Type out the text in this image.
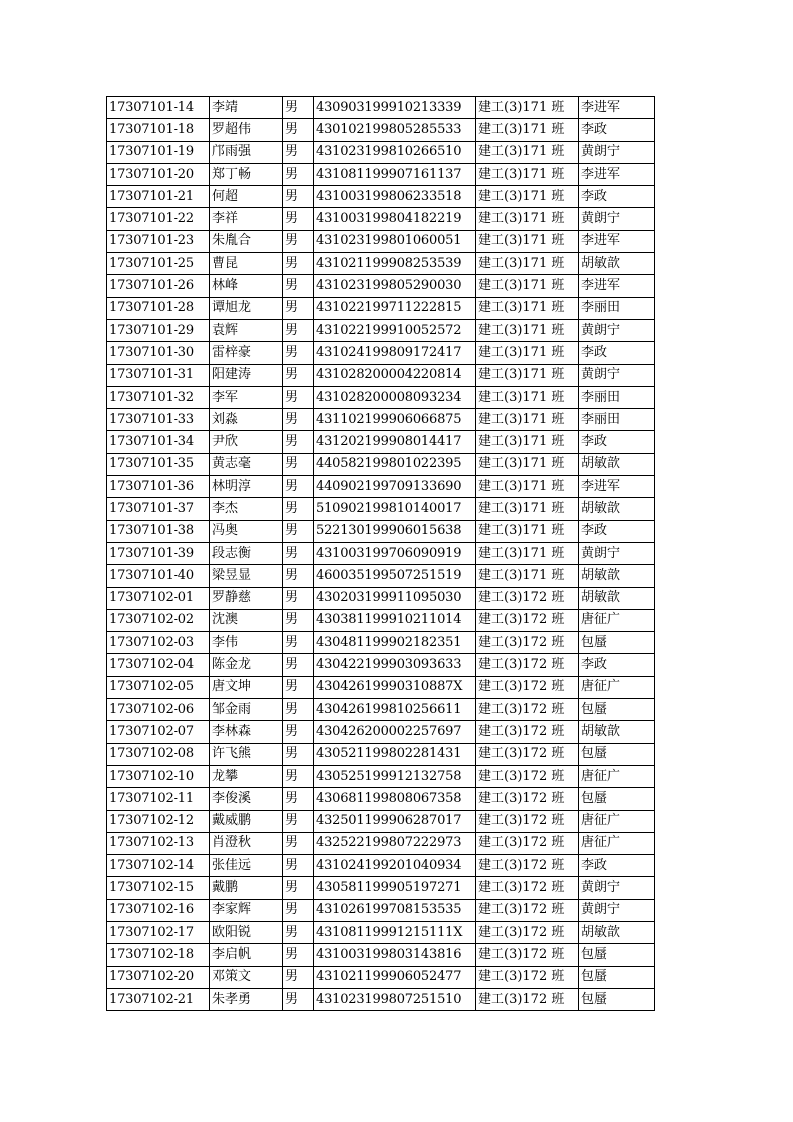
17307101-14	李靖	男	430903199910213339	建工(3)171 班	李进军
17307101-18	罗超伟	男	430102199805285533	建工(3)171 班	李政
17307101-19	邝雨强	男	431023199810266510	建工(3)171 班	黄朗宁
17307101-20	郑丁畅	男	431081199907161137	建工(3)171 班	李进军
17307101-21	何超	男	431003199806233518	建工(3)171 班	李政
17307101-22	李祥	男	431003199804182219	建工(3)171 班	黄朗宁
17307101-23	朱胤合	男	431023199801060051	建工(3)171 班	李进军
17307101-25	曹昆	男	431021199908253539	建工(3)171 班	胡敏歆
17307101-26	林峰	男	431023199805290030	建工(3)171 班	李进军
17307101-28	谭旭龙	男	431022199711222815	建工(3)171 班	李丽田
17307101-29	袁辉	男	431022199910052572	建工(3)171 班	黄朗宁
17307101-30	雷梓豪	男	431024199809172417	建工(3)171 班	李政
17307101-31	阳建涛	男	431028200004220814	建工(3)171 班	黄朗宁
17307101-32	李军	男	431028200008093234	建工(3)171 班	李丽田
17307101-33	刘淼	男	431102199906066875	建工(3)171 班	李丽田
17307101-34	尹欣	男	431202199908014417	建工(3)171 班	李政
17307101-35	黄志毫	男	440582199801022395	建工(3)171 班	胡敏歆
17307101-36	林明淳	男	440902199709133690	建工(3)171 班	李进军
17307101-37	李杰	男	510902199810140017	建工(3)171 班	胡敏歆
17307101-38	冯奥	男	522130199906015638	建工(3)171 班	李政
17307101-39	段志衡	男	431003199706090919	建工(3)171 班	黄朗宁
17307101-40	梁昱显	男	460035199507251519	建工(3)171 班	胡敏歆
17307102-01	罗静慈	男	430203199911095030	建工(3)172 班	胡敏歆
17307102-02	沈澳	男	430381199910211014	建工(3)172 班	唐征广
17307102-03	李伟	男	430481199902182351	建工(3)172 班	包蜃
17307102-04	陈金龙	男	430422199903093633	建工(3)172 班	李政
17307102-05	唐文坤	男	43042619990310887X	建工(3)172 班	唐征广
17307102-06	邹金雨	男	430426199810256611	建工(3)172 班	包蜃
17307102-07	李林森	男	430426200002257697	建工(3)172 班	胡敏歆
17307102-08	许飞熊	男	430521199802281431	建工(3)172 班	包蜃
17307102-10	龙攀	男	430525199912132758	建工(3)172 班	唐征广
17307102-11	李俊溪	男	430681199808067358	建工(3)172 班	包蜃
17307102-12	戴威鹏	男	432501199906287017	建工(3)172 班	唐征广
17307102-13	肖澄秋	男	432522199807222973	建工(3)172 班	唐征广
17307102-14	张佳远	男	431024199201040934	建工(3)172 班	李政
17307102-15	戴鹏	男	430581199905197271	建工(3)172 班	黄朗宁
17307102-16	李家辉	男	431026199708153535	建工(3)172 班	黄朗宁
17307102-17	欧阳锐	男	43108119991215111X	建工(3)172 班	胡敏歆
17307102-18	李启帆	男	431003199803143816	建工(3)172 班	包蜃
17307102-20	邓策文	男	431021199906052477	建工(3)172 班	包蜃
17307102-21	朱孝勇	男	431023199807251510	建工(3)172 班	包蜃
